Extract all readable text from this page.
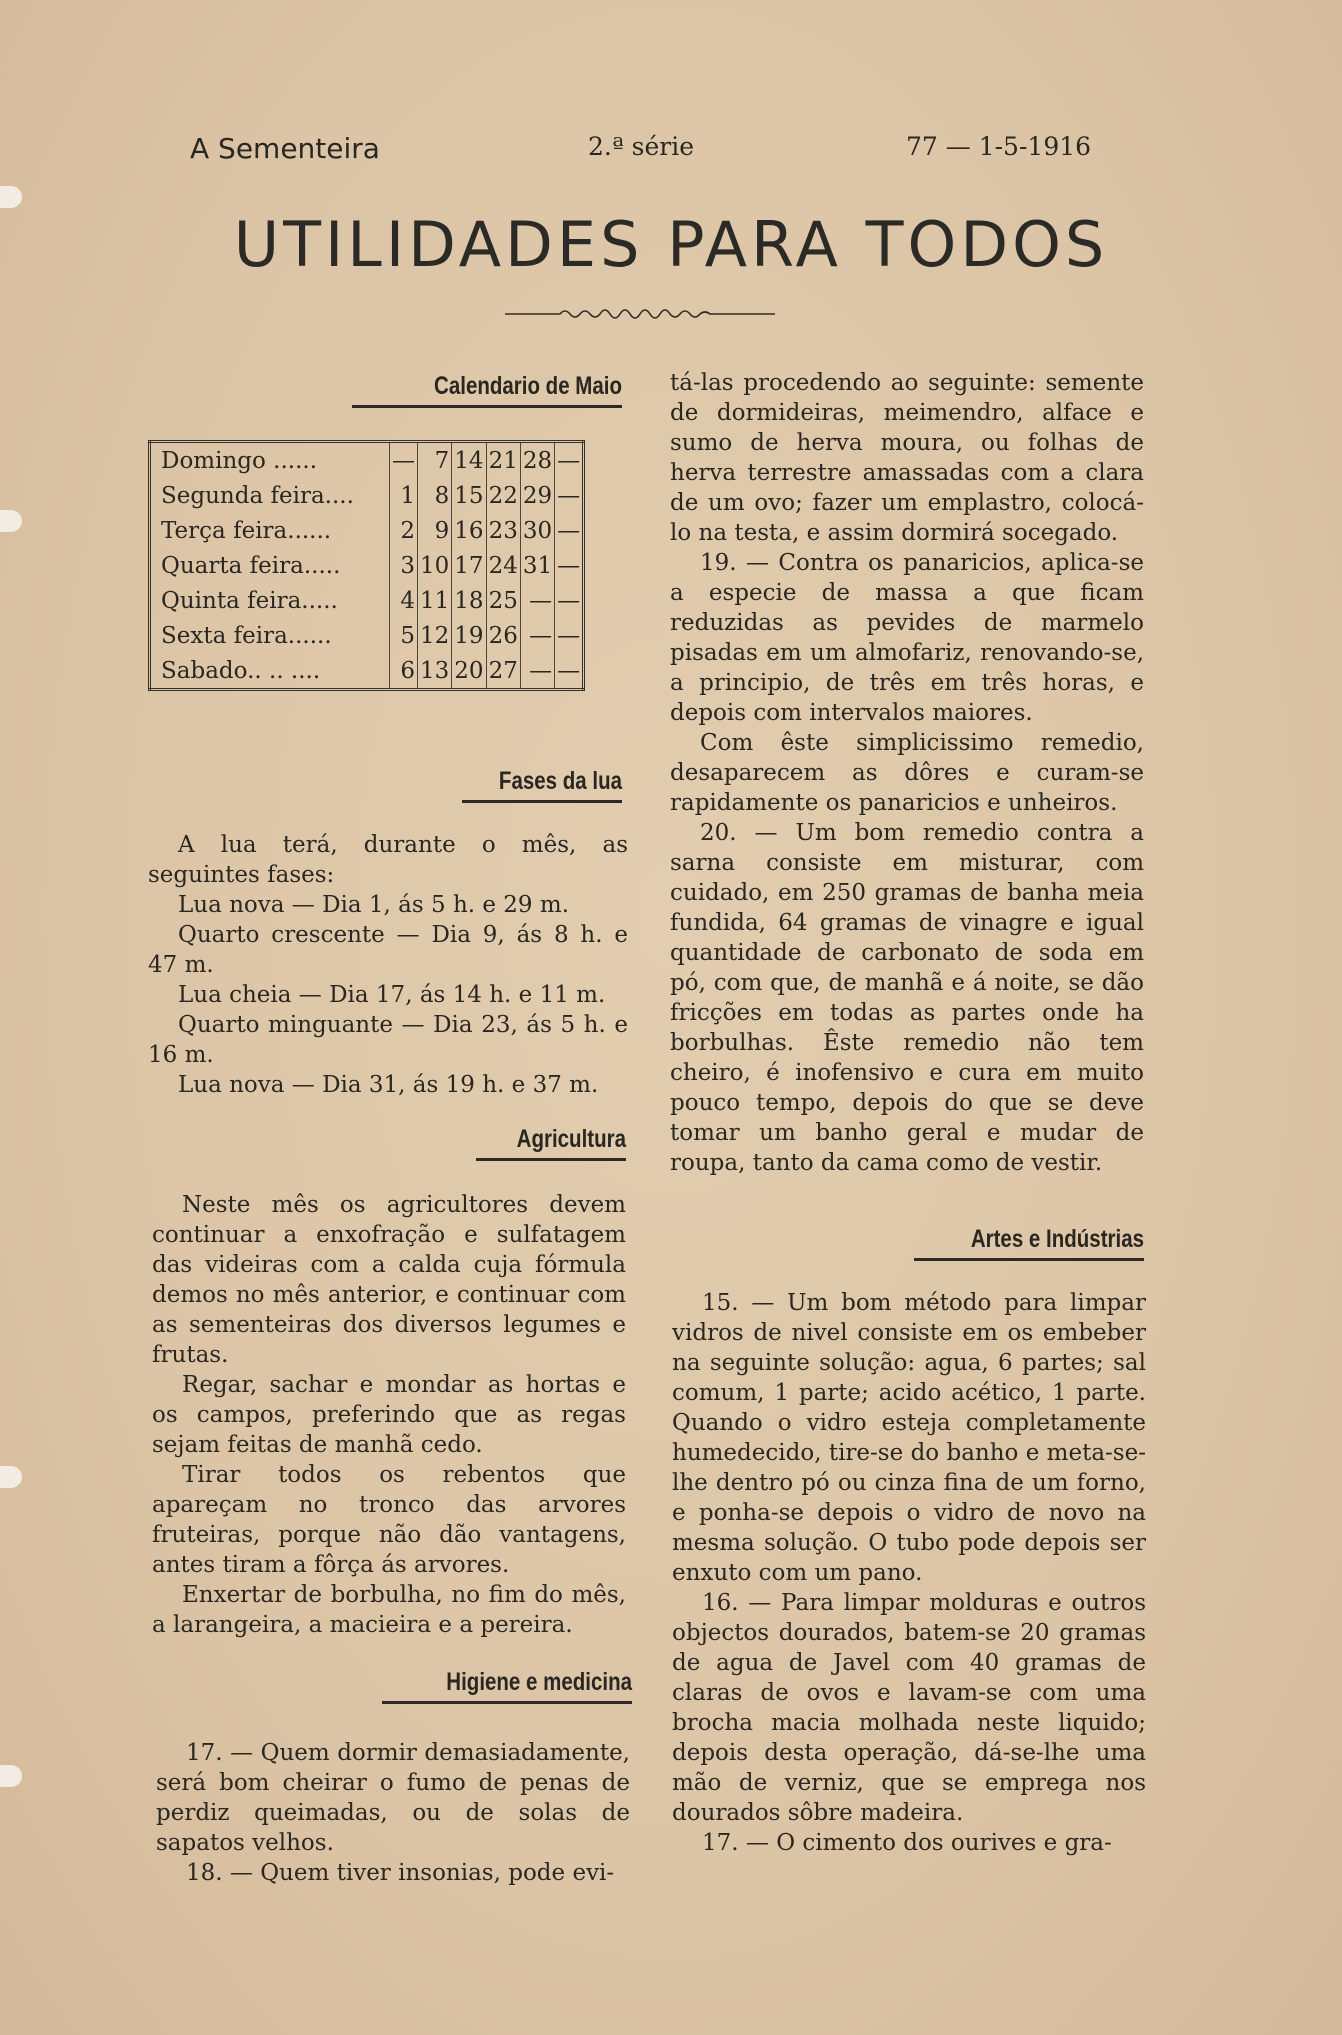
A Sementeira	2.ª série	77 — 1-5-1916
UTILIDADES PARA TODOS
Calendario de Maio
Domingo ......	—	7	14	21	28	—
Segunda feira....	1	8	15	22	29	—
Terça feira......	2	9	16	23	30	—
Quarta feira.....	3	10	17	24	31	—
Quinta feira.....	4	11	18	25	—	—
Sexta feira......	5	12	19	26	—	—
Sabado.. .. ....	6	13	20	27	—	—
Fases da lua

A lua terá, durante o mês, as seguintes fases:

Lua nova — Dia 1, ás 5 h. e 29 m.

Quarto crescente — Dia 9, ás 8 h. e 47 m.

Lua cheia — Dia 17, ás 14 h. e 11 m.

Quarto minguante — Dia 23, ás 5 h. e 16 m.

Lua nova — Dia 31, ás 19 h. e 37 m.

Agricultura

Neste mês os agricultores devem continuar a enxofração e sulfatagem das videiras com a calda cuja fórmula demos no mês anterior, e continuar com as sementeiras dos diversos legumes e frutas.

Regar, sachar e mondar as hortas e os campos, preferindo que as regas sejam feitas de manhã cedo.

Tirar todos os rebentos que apareçam no tronco das arvores fruteiras, porque não dão vantagens, antes tiram a fôrça ás arvores.

Enxertar de borbulha, no fim do mês, a larangeira, a macieira e a pereira.

Higiene e medicina

17. — Quem dormir demasiadamente, será bom cheirar o fumo de penas de perdiz queimadas, ou de solas de sapatos velhos.

18. — Quem tiver insonias, pode evi-

tá-las procedendo ao seguinte: semente de dormideiras, meimendro, alface e sumo de herva moura, ou folhas de herva terrestre amassadas com a clara de um ovo; fazer um emplastro, colocá-lo na testa, e assim dormirá socegado.

19. — Contra os panaricios, aplica-se a especie de massa a que ficam reduzidas as pevides de marmelo pisadas em um almofariz, renovando-se, a principio, de três em três horas, e depois com intervalos maiores.

Com êste simplicissimo remedio, desaparecem as dôres e curam-se rapidamente os panaricios e unheiros.

20. — Um bom remedio contra a sarna consiste em misturar, com cuidado, em 250 gramas de banha meia fundida, 64 gramas de vinagre e igual quantidade de carbonato de soda em pó, com que, de manhã e á noite, se dão fricções em todas as partes onde ha borbulhas. Êste remedio não tem cheiro, é inofensivo e cura em muito pouco tempo, depois do que se deve tomar um banho geral e mudar de roupa, tanto da cama como de vestir.

Artes e Indústrias

15. — Um bom método para limpar vidros de nivel consiste em os embeber na seguinte solução: agua, 6 partes; sal comum, 1 parte; acido acético, 1 parte. Quando o vidro esteja completamente humedecido, tire-se do banho e meta-se-lhe dentro pó ou cinza fina de um forno, e ponha-se depois o vidro de novo na mesma solução. O tubo pode depois ser enxuto com um pano.

16. — Para limpar molduras e outros objectos dourados, batem-se 20 gramas de agua de Javel com 40 gramas de claras de ovos e lavam-se com uma brocha macia molhada neste liquido; depois desta operação, dá-se-lhe uma mão de verniz, que se emprega nos dourados sôbre madeira.

17. — O cimento dos ourives e gra-
